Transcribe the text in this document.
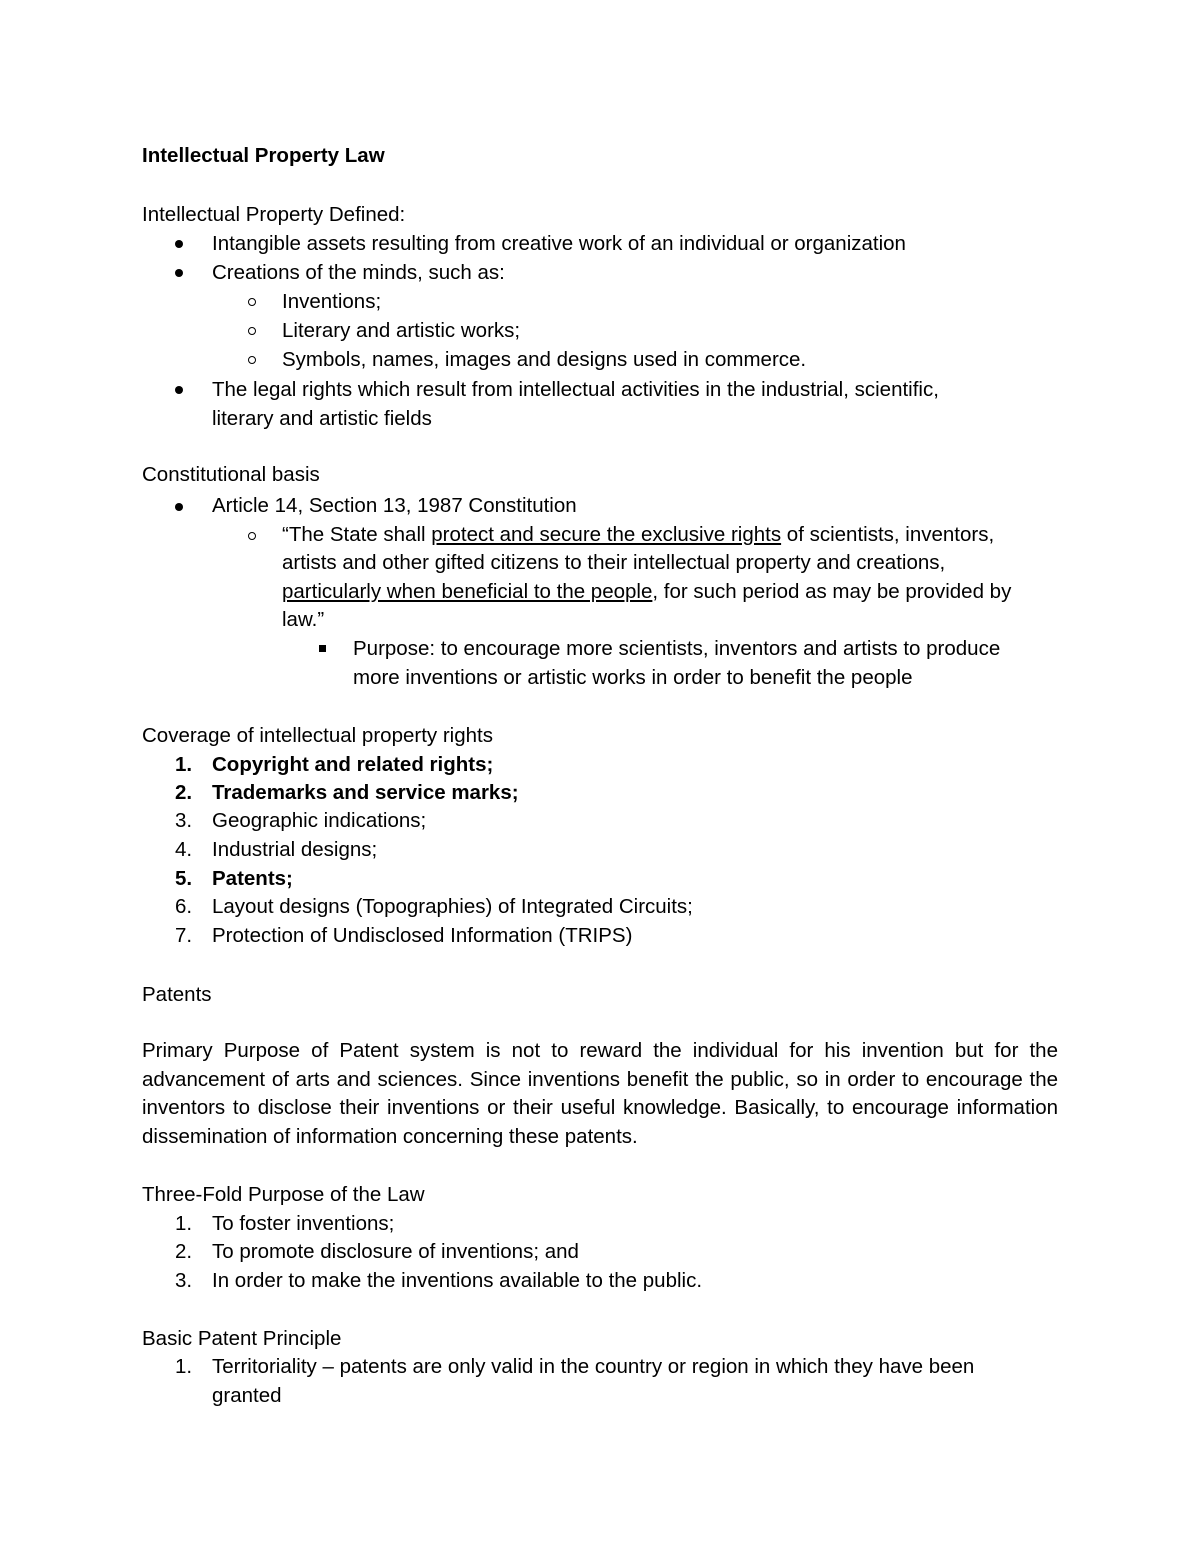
Intellectual Property Law
Intellectual Property Defined:
Intangible assets resulting from creative work of an individual or organization
Creations of the minds, such as:
Inventions;
Literary and artistic works;
Symbols, names, images and designs used in commerce.
The legal rights which result from intellectual activities in the industrial, scientific,
literary and artistic fields
Constitutional basis
Article 14, Section 13, 1987 Constitution
“The State shall protect and secure the exclusive rights of scientists, inventors,
artists and other gifted citizens to their intellectual property and creations,
particularly when beneficial to the people, for such period as may be provided by
law.”
Purpose: to encourage more scientists, inventors and artists to produce
more inventions or artistic works in order to benefit the people
Coverage of intellectual property rights
1. Copyright and related rights;
2. Trademarks and service marks;
3. Geographic indications;
4. Industrial designs;
5. Patents;
6. Layout designs (Topographies) of Integrated Circuits;
7. Protection of Undisclosed Information (TRIPS)
Patents
Primary Purpose of Patent system is not to reward the individual for his invention but for the advancement of arts and sciences. Since inventions benefit the public, so in order to encourage the inventors to disclose their inventions or their useful knowledge. Basically, to encourage information dissemination of information concerning these patents.
Three-Fold Purpose of the Law
1. To foster inventions;
2. To promote disclosure of inventions; and
3. In order to make the inventions available to the public.
Basic Patent Principle
1. Territoriality – patents are only valid in the country or region in which they have been
granted
